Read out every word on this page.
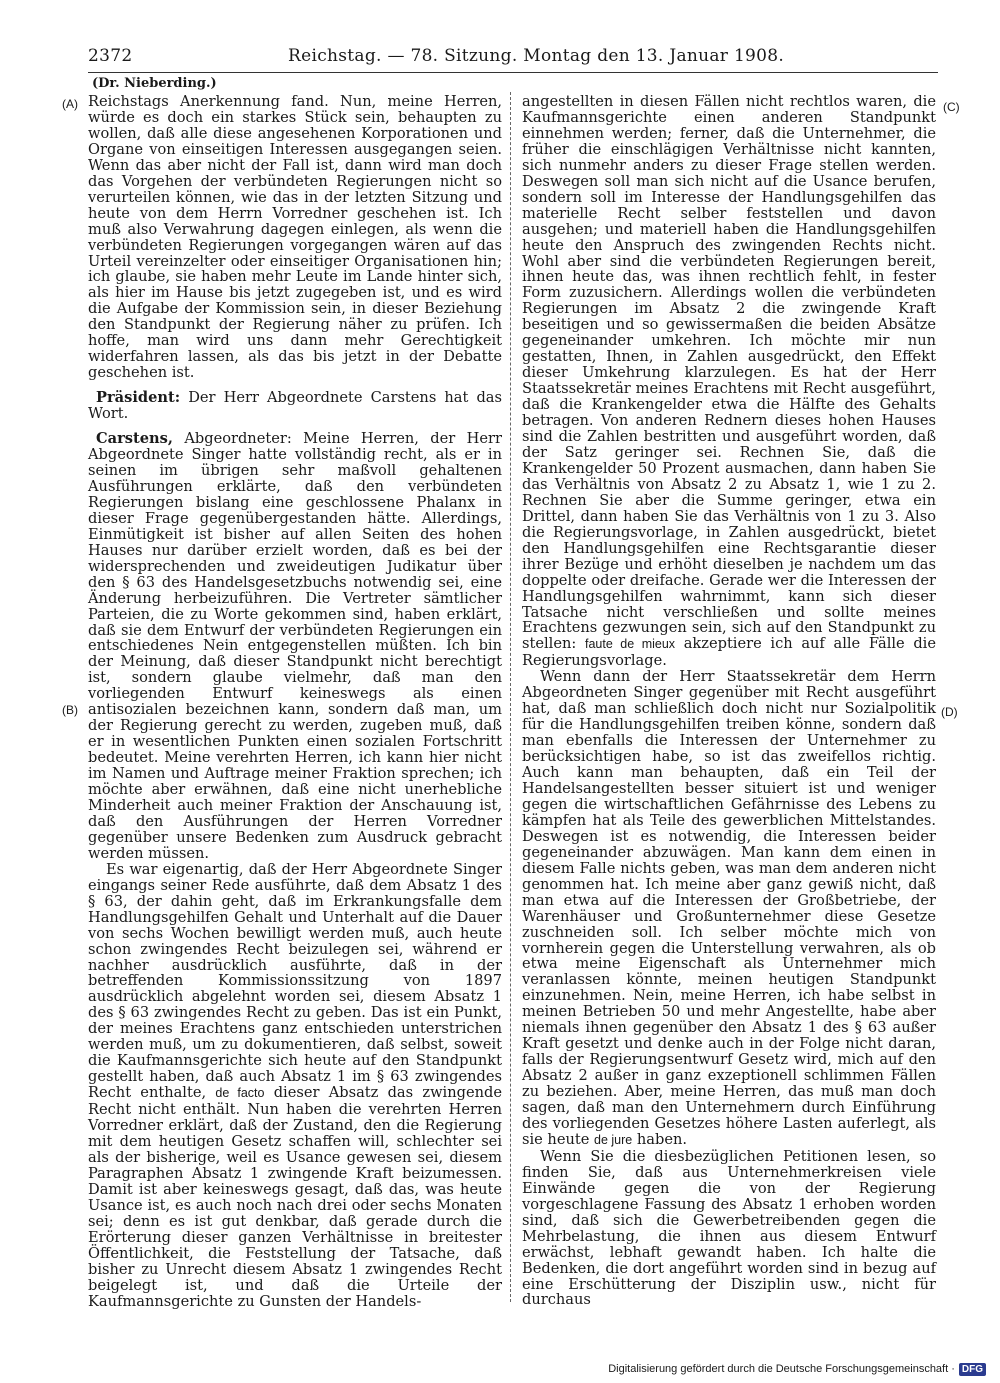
2372	Reichstag. — 78. Sitzung. Montag den 13. Januar 1908.
(Dr. Nieberding.)
(A)
(B)
(C)
(D)

Reichstags Anerkennung fand. Nun, meine Herren, würde es doch ein starkes Stück sein, behaupten zu wollen, daß alle diese angesehenen Korporationen und Organe von einseitigen Interessen ausgegangen seien. Wenn das aber nicht der Fall ist, dann wird man doch das Vorgehen der verbündeten Regierungen nicht so verurteilen können, wie das in der letzten Sitzung und heute von dem Herrn Vorredner geschehen ist. Ich muß also Verwahrung dagegen einlegen, als wenn die verbündeten Regierungen vorgegangen wären auf das Urteil vereinzelter oder einseitiger Organisationen hin; ich glaube, sie haben mehr Leute im Lande hinter sich, als hier im Hause bis jetzt zugegeben ist, und es wird die Aufgabe der Kommission sein, in dieser Beziehung den Standpunkt der Regierung näher zu prüfen. Ich hoffe, man wird uns dann mehr Gerechtigkeit widerfahren lassen, als das bis jetzt in der Debatte geschehen ist.

Präsident: Der Herr Abgeordnete Carstens hat das Wort.

Carstens, Abgeordneter: Meine Herren, der Herr Abgeordnete Singer hatte vollständig recht, als er in seinen im übrigen sehr maßvoll gehaltenen Ausführungen erklärte, daß den verbündeten Regierungen bislang eine geschlossene Phalanx in dieser Frage gegenübergestanden hätte. Allerdings, Einmütigkeit ist bisher auf allen Seiten des hohen Hauses nur darüber erzielt worden, daß es bei der widersprechenden und zweideutigen Judikatur über den § 63 des Handelsgesetzbuchs notwendig sei, eine Änderung herbeizuführen. Die Vertreter sämtlicher Parteien, die zu Worte gekommen sind, haben erklärt, daß sie dem Entwurf der verbündeten Regierungen ein entschiedenes Nein entgegenstellen müßten. Ich bin der Meinung, daß dieser Standpunkt nicht berechtigt ist, sondern glaube vielmehr, daß man den vorliegenden Entwurf keineswegs als einen antisozialen bezeichnen kann, sondern daß man, um der Regierung gerecht zu werden, zugeben muß, daß er in wesentlichen Punkten einen sozialen Fortschritt bedeutet. Meine verehrten Herren, ich kann hier nicht im Namen und Auftrage meiner Fraktion sprechen; ich möchte aber erwähnen, daß eine nicht unerhebliche Minderheit auch meiner Fraktion der Anschauung ist, daß den Ausführungen der Herren Vorredner gegenüber unsere Bedenken zum Ausdruck gebracht werden müssen.

Es war eigenartig, daß der Herr Abgeordnete Singer eingangs seiner Rede ausführte, daß dem Absatz 1 des § 63, der dahin geht, daß im Erkrankungsfalle dem Handlungsgehilfen Gehalt und Unterhalt auf die Dauer von sechs Wochen bewilligt werden muß, auch heute schon zwingendes Recht beizulegen sei, während er nachher ausdrücklich ausführte, daß in der betreffenden Kommissionssitzung von 1897 ausdrücklich abgelehnt worden sei, diesem Absatz 1 des § 63 zwingendes Recht zu geben. Das ist ein Punkt, der meines Erachtens ganz entschieden unterstrichen werden muß, um zu dokumentieren, daß selbst, soweit die Kaufmannsgerichte sich heute auf den Standpunkt gestellt haben, daß auch Absatz 1 im § 63 zwingendes Recht enthalte, de facto dieser Absatz das zwingende Recht nicht enthält. Nun haben die verehrten Herren Vorredner erklärt, daß der Zustand, den die Regierung mit dem heutigen Gesetz schaffen will, schlechter sei als der bisherige, weil es Usance gewesen sei, diesem Paragraphen Absatz 1 zwingende Kraft beizumessen. Damit ist aber keineswegs gesagt, daß das, was heute Usance ist, es auch noch nach drei oder sechs Monaten sei; denn es ist gut denkbar, daß gerade durch die Erörterung dieser ganzen Verhältnisse in breitester Öffentlichkeit, die Feststellung der Tatsache, daß bisher zu Unrecht diesem Absatz 1 zwingendes Recht beigelegt ist, und daß die Urteile der Kaufmannsgerichte zu Gunsten der Handels-

angestellten in diesen Fällen nicht rechtlos waren, die Kaufmannsgerichte einen anderen Standpunkt einnehmen werden; ferner, daß die Unternehmer, die früher die einschlägigen Verhältnisse nicht kannten, sich nunmehr anders zu dieser Frage stellen werden. Deswegen soll man sich nicht auf die Usance berufen, sondern soll im Interesse der Handlungsgehilfen das materielle Recht selber feststellen und davon ausgehen; und materiell haben die Handlungsgehilfen heute den Anspruch des zwingenden Rechts nicht. Wohl aber sind die verbündeten Regierungen bereit, ihnen heute das, was ihnen rechtlich fehlt, in fester Form zuzusichern. Allerdings wollen die verbündeten Regierungen im Absatz 2 die zwingende Kraft beseitigen und so gewissermaßen die beiden Absätze gegeneinander umkehren. Ich möchte mir nun gestatten, Ihnen, in Zahlen ausgedrückt, den Effekt dieser Umkehrung klarzulegen. Es hat der Herr Staatssekretär meines Erachtens mit Recht ausgeführt, daß die Krankengelder etwa die Hälfte des Gehalts betragen. Von anderen Rednern dieses hohen Hauses sind die Zahlen bestritten und ausgeführt worden, daß der Satz geringer sei. Rechnen Sie, daß die Krankengelder 50 Prozent ausmachen, dann haben Sie das Verhältnis von Absatz 2 zu Absatz 1, wie 1 zu 2. Rechnen Sie aber die Summe geringer, etwa ein Drittel, dann haben Sie das Verhältnis von 1 zu 3. Also die Regierungsvorlage, in Zahlen ausgedrückt, bietet den Handlungsgehilfen eine Rechtsgarantie dieser ihrer Bezüge und erhöht dieselben je nachdem um das doppelte oder dreifache. Gerade wer die Interessen der Handlungsgehilfen wahrnimmt, kann sich dieser Tatsache nicht verschließen und sollte meines Erachtens gezwungen sein, sich auf den Standpunkt zu stellen: faute de mieux akzeptiere ich auf alle Fälle die Regierungsvorlage.

Wenn dann der Herr Staatssekretär dem Herrn Abgeordneten Singer gegenüber mit Recht ausgeführt hat, daß man schließlich doch nicht nur Sozialpolitik für die Handlungsgehilfen treiben könne, sondern daß man ebenfalls die Interessen der Unternehmer zu berücksichtigen habe, so ist das zweifellos richtig. Auch kann man behaupten, daß ein Teil der Handelsangestellten besser situiert ist und weniger gegen die wirtschaftlichen Gefährnisse des Lebens zu kämpfen hat als Teile des gewerblichen Mittelstandes. Deswegen ist es notwendig, die Interessen beider gegeneinander abzuwägen. Man kann dem einen in diesem Falle nichts geben, was man dem anderen nicht genommen hat. Ich meine aber ganz gewiß nicht, daß man etwa auf die Interessen der Großbetriebe, der Warenhäuser und Großunternehmer diese Gesetze zuschneiden soll. Ich selber möchte mich von vornherein gegen die Unterstellung verwahren, als ob etwa meine Eigenschaft als Unternehmer mich veranlassen könnte, meinen heutigen Standpunkt einzunehmen. Nein, meine Herren, ich habe selbst in meinen Betrieben 50 und mehr Angestellte, habe aber niemals ihnen gegenüber den Absatz 1 des § 63 außer Kraft gesetzt und denke auch in der Folge nicht daran, falls der Regierungsentwurf Gesetz wird, mich auf den Absatz 2 außer in ganz exzeptionell schlimmen Fällen zu beziehen. Aber, meine Herren, das muß man doch sagen, daß man den Unternehmern durch Einführung des vorliegenden Gesetzes höhere Lasten auferlegt, als sie heute de jure haben.

Wenn Sie die diesbezüglichen Petitionen lesen, so finden Sie, daß aus Unternehmerkreisen viele Einwände gegen die von der Regierung vorgeschlagene Fassung des Absatz 1 erhoben worden sind, daß sich die Gewerbetreibenden gegen die Mehrbelastung, die ihnen aus diesem Entwurf erwächst, lebhaft gewandt haben. Ich halte die Bedenken, die dort angeführt worden sind in bezug auf eine Erschütterung der Disziplin usw., nicht für durchaus

Digitalisierung gefördert durch die Deutsche Forschungsgemeinschaft · DFG
